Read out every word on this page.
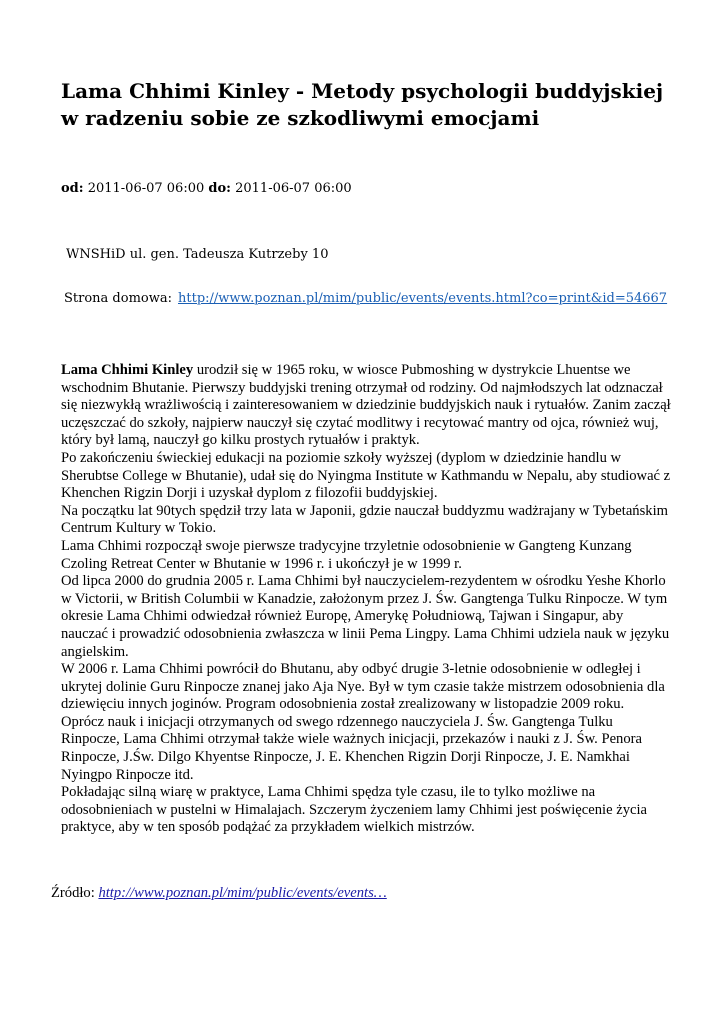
Lama Chhimi Kinley - Metody psychologii buddyjskiej w radzeniu sobie ze szkodliwymi emocjami
od: 2011-06-07 06:00 do: 2011-06-07 06:00
WNSHiD ul. gen. Tadeusza Kutrzeby 10
Strona domowa: http://www.poznan.pl/mim/public/events/events.html?co=print&id=54667

Lama Chhimi Kinley urodził się w 1965 roku, w wiosce Pubmoshing w dystrykcie Lhuentse we wschodnim Bhutanie. Pierwszy buddyjski trening otrzymał od rodziny. Od najmłodszych lat odznaczał się niezwykłą wrażliwością i zainteresowaniem w dziedzinie buddyjskich nauk i rytuałów. Zanim zaczął uczęszczać do szkoły, najpierw nauczył się czytać modlitwy i recytować mantry od ojca, również wuj, który był lamą, nauczył go kilku prostych rytuałów i praktyk.

Po zakończeniu świeckiej edukacji na poziomie szkoły wyższej (dyplom w dziedzinie handlu w Sherubtse College w Bhutanie), udał się do Nyingma Institute w Kathmandu w Nepalu, aby studiować z Khenchen Rigzin Dorji i uzyskał dyplom z filozofii buddyjskiej.

Na początku lat 90tych spędził trzy lata w Japonii, gdzie nauczał buddyzmu wadżrajany w Tybetańskim Centrum Kultury w Tokio.

Lama Chhimi rozpoczął swoje pierwsze tradycyjne trzyletnie odosobnienie w Gangteng Kunzang Czoling Retreat Center w Bhutanie w 1996 r. i ukończył je w 1999 r.

Od lipca 2000 do grudnia 2005 r. Lama Chhimi był nauczycielem-rezydentem w ośrodku Yeshe Khorlo w Victorii, w British Columbii w Kanadzie, założonym przez J. Św. Gangtenga Tulku Rinpocze. W tym okresie Lama Chhimi odwiedzał również Europę, Amerykę Południową, Tajwan i Singapur, aby nauczać i prowadzić odosobnienia zwłaszcza w linii Pema Lingpy. Lama Chhimi udziela nauk w języku angielskim.

W 2006 r. Lama Chhimi powrócił do Bhutanu, aby odbyć drugie 3-letnie odosobnienie w odległej i ukrytej dolinie Guru Rinpocze znanej jako Aja Nye. Był w tym czasie także mistrzem odosobnienia dla dziewięciu innych joginów. Program odosobnienia został zrealizowany w listopadzie 2009 roku.

Oprócz nauk i inicjacji otrzymanych od swego rdzennego nauczyciela J. Św. Gangtenga Tulku Rinpocze, Lama Chhimi otrzymał także wiele ważnych inicjacji, przekazów i nauki z J. Św. Penora Rinpocze, J.Św. Dilgo Khyentse Rinpocze, J. E. Khenchen Rigzin Dorji Rinpocze, J. E. Namkhai Nyingpo Rinpocze itd.

Pokładając silną wiarę w praktyce, Lama Chhimi spędza tyle czasu, ile to tylko możliwe na odosobnieniach w pustelni w Himalajach. Szczerym życzeniem lamy Chhimi jest poświęcenie życia praktyce, aby w ten sposób podążać za przykładem wielkich mistrzów.

Źródło: http://www.poznan.pl/mim/public/events/events…
